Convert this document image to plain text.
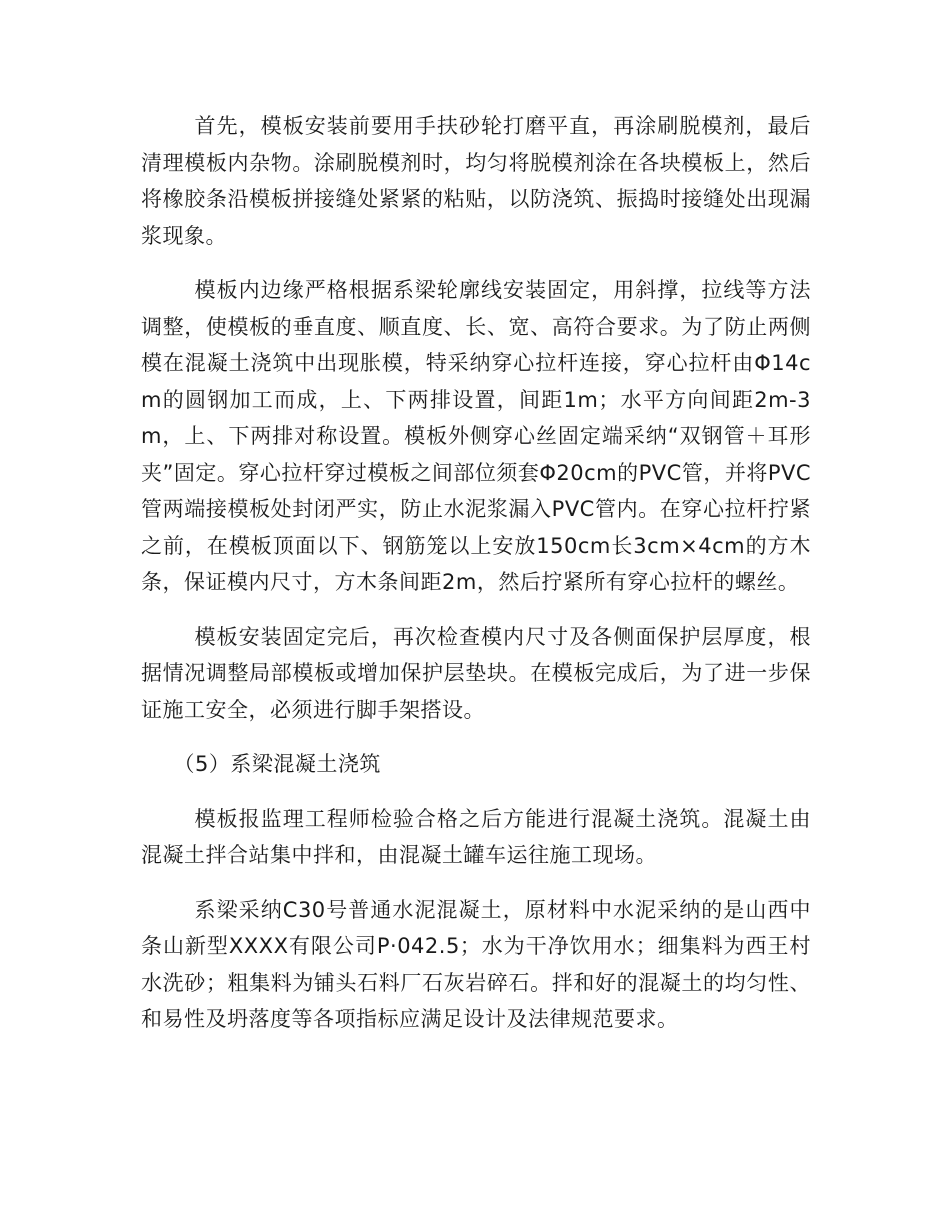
首先，模板安装前要用手扶砂轮打磨平直，再涂刷脱模剂，最后清理模板内杂物。涂刷脱模剂时，均匀将脱模剂涂在各块模板上，然后将橡胶条沿模板拼接缝处紧紧的粘贴，以防浇筑、振捣时接缝处出现漏浆现象。

模板内边缘严格根据系梁轮廓线安装固定，用斜撑，拉线等方法调整，使模板的垂直度、顺直度、长、宽、高符合要求。为了防止两侧模在混凝土浇筑中出现胀模，特采纳穿心拉杆连接，穿心拉杆由Φ14cm的圆钢加工而成，上、下两排设置，间距1m；水平方向间距2m-3m，上、下两排对称设置。模板外侧穿心丝固定端采纳“双钢管＋耳形夹”固定。穿心拉杆穿过模板之间部位须套Φ20cm的PVC管，并将PVC管两端接模板处封闭严实，防止水泥浆漏入PVC管内。在穿心拉杆拧紧之前，在模板顶面以下、钢筋笼以上安放150cm长3cm×4cm的方木条，保证模内尺寸，方木条间距2m，然后拧紧所有穿心拉杆的螺丝。

模板安装固定完后，再次检查模内尺寸及各侧面保护层厚度，根据情况调整局部模板或增加保护层垫块。在模板完成后，为了进一步保证施工安全，必须进行脚手架搭设。

（5）系梁混凝土浇筑

模板报监理工程师检验合格之后方能进行混凝土浇筑。混凝土由混凝土拌合站集中拌和，由混凝土罐车运往施工现场。

系梁采纳C30号普通水泥混凝土，原材料中水泥采纳的是山西中条山新型XXXX有限公司P·042.5；水为干净饮用水；细集料为西王村水洗砂；粗集料为铺头石料厂石灰岩碎石。拌和好的混凝土的均匀性、和易性及坍落度等各项指标应满足设计及法律规范要求。
